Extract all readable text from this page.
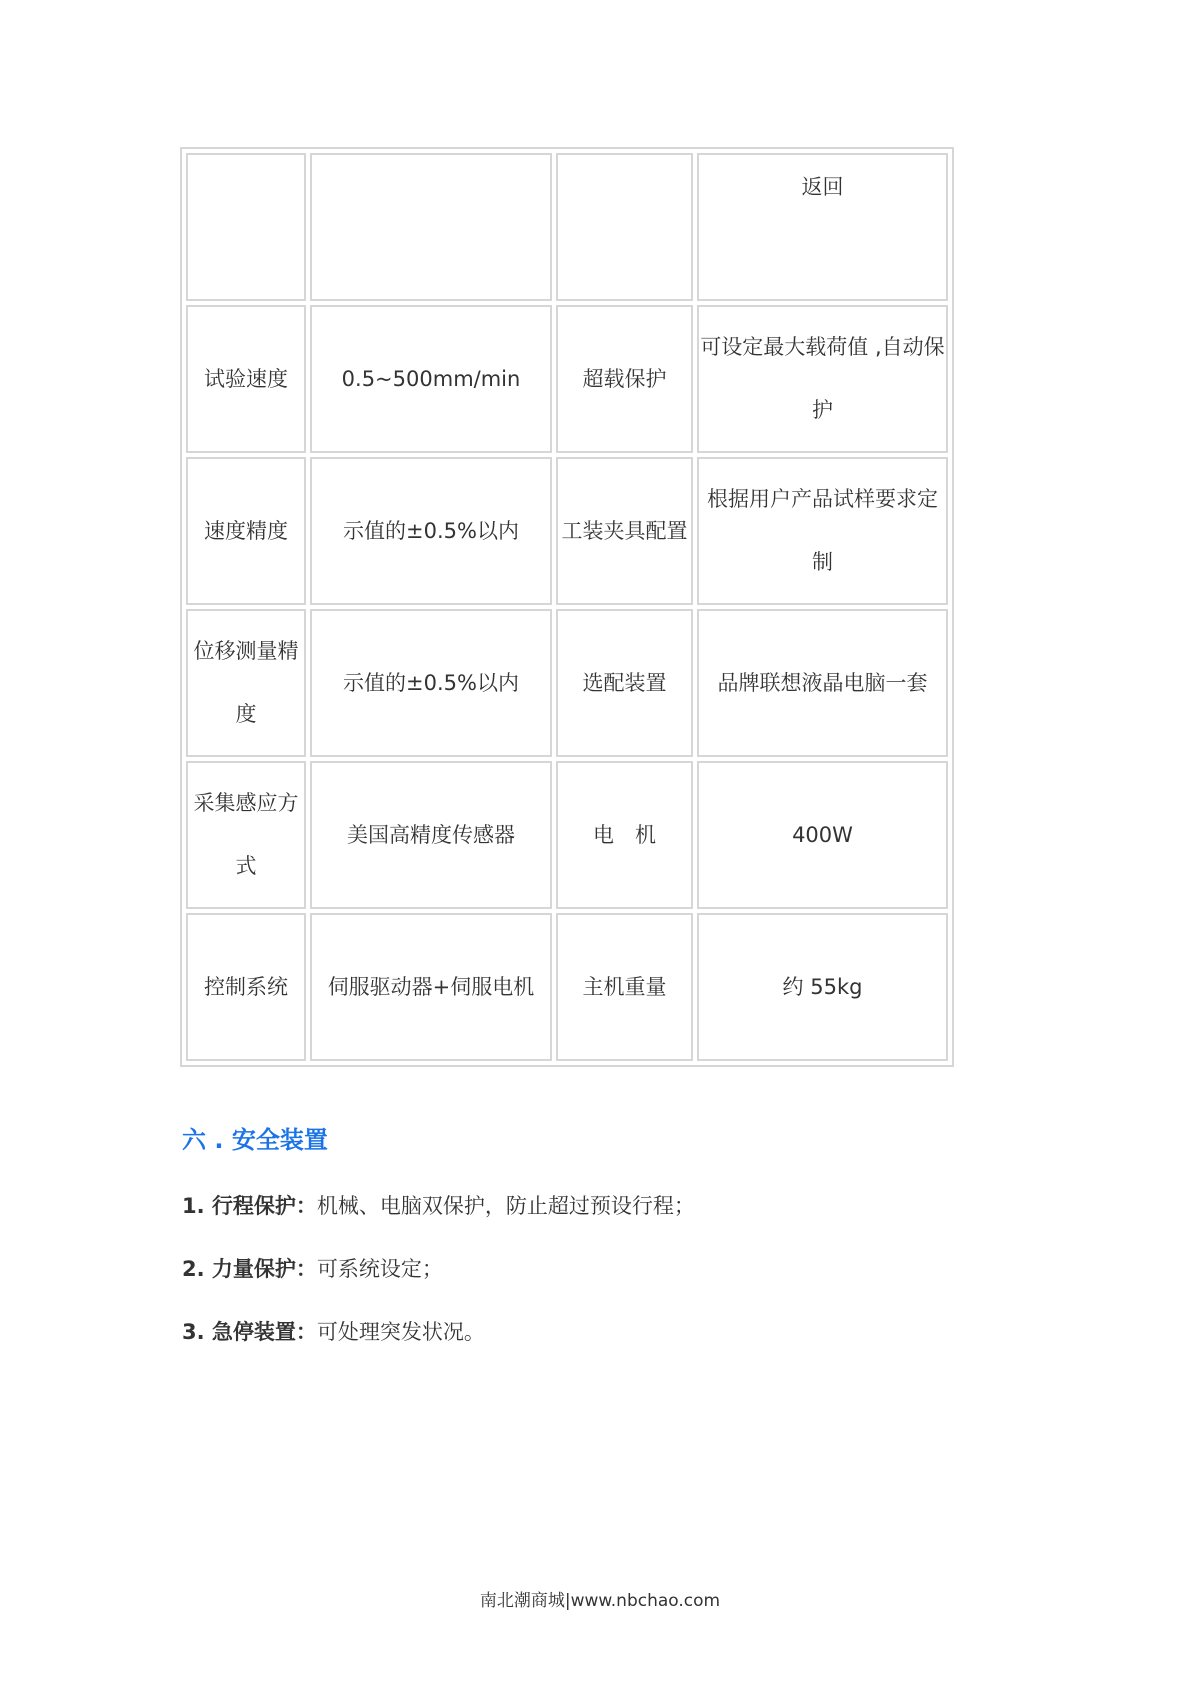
			返回
试验速度	0.5~500mm/min	超载保护	可设定最大载荷值 ,自动保护
速度精度	示值的±0.5%以内	工装夹具配置	根据用户产品试样要求定制
位移测量精度	示值的±0.5%以内	选配装置	品牌联想液晶电脑一套
采集感应方式	美国高精度传感器	电　机	400W
控制系统	伺服驱动器+伺服电机	主机重量	约 55kg
六 . 安全装置

1. 行程保护：机械、电脑双保护，防止超过预设行程；

2. 力量保护：可系统设定；

3. 急停装置：可处理突发状况。

南北潮商城|www.nbchao.com
